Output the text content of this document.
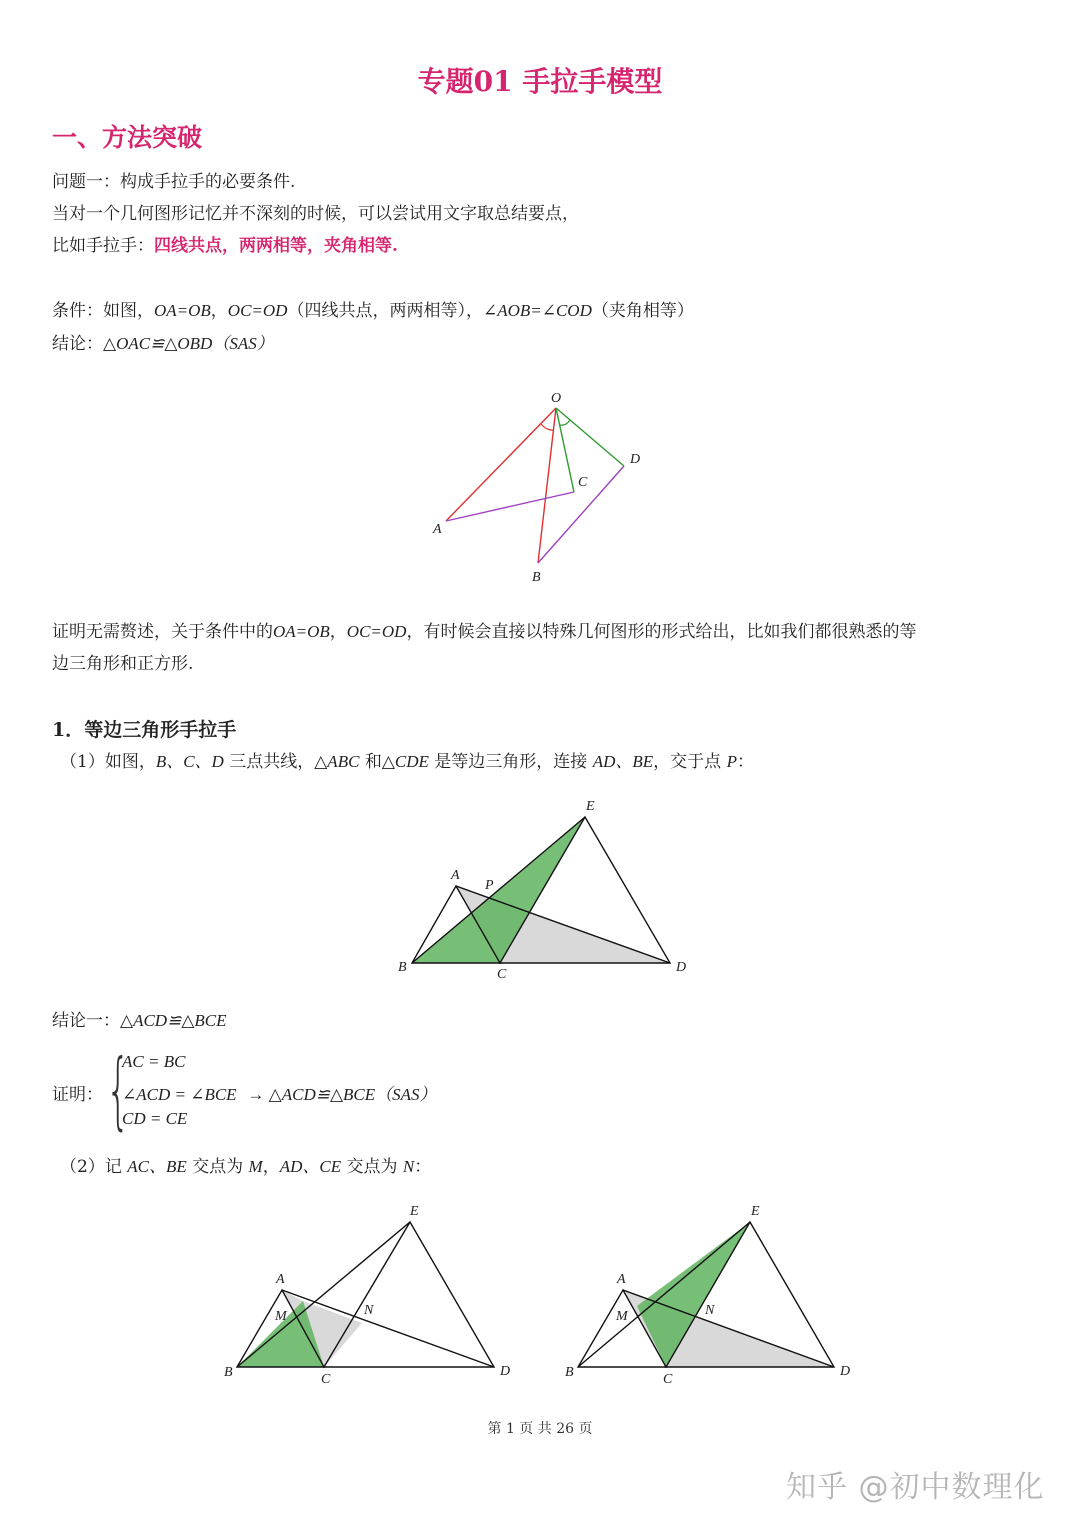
专题01 手拉手模型
一、方法突破
问题一：构成手拉手的必要条件.
当对一个几何图形记忆并不深刻的时候，可以尝试用文字取总结要点，
比如手拉手：四线共点，两两相等，夹角相等.
条件：如图，OA=OB，OC=OD（四线共点，两两相等），∠AOB=∠COD（夹角相等）
结论：△OAC≌△OBD（SAS）
证明无需赘述，关于条件中的OA=OB，OC=OD，有时候会直接以特殊几何图形的形式给出，比如我们都很熟悉的等
边三角形和正方形.
1．等边三角形手拉手
（1）如图，B、C、D 三点共线，△ABC 和△CDE 是等边三角形，连接 AD、BE，交于点 P：
结论一：△ACD≌△BCE
证明： {
AC = BC
∠ACD = ∠BCE → △ACD≌△BCE（SAS）
CD = CE
（2）记 AC、BE 交点为 M，AD、CE 交点为 N：
O
A
B
C
D
E
A
P
B	C	D
E
A
M	N
B	C
D
E
A
M	N
B	C
D
第 1 页 共 26 页
知乎 @初中数理化
